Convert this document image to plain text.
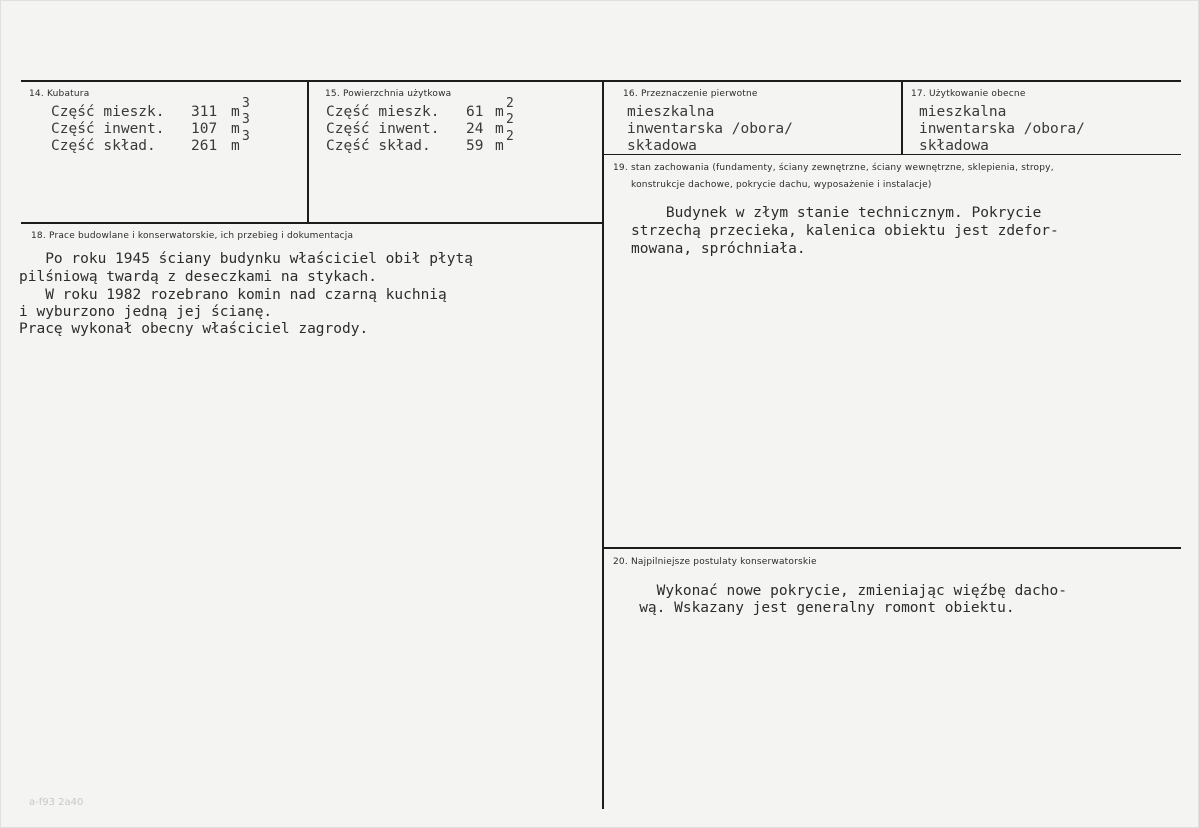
14. Kubatura
Część mieszk. 311 m
3
Część inwent. 107 m
3
Część skład. 261 m
3
15. Powierzchnia użytkowa
Część mieszk. 61 m
2
Część inwent. 24 m
2
Część skład. 59 m
2
16. Przeznaczenie pierwotne
mieszkalna
inwentarska /obora/
składowa
17. Użytkowanie obecne
mieszkalna
inwentarska /obora/
składowa
18. Prace budowlane i konserwatorskie, ich przebieg i dokumentacja
Po roku 1945 ściany budynku właściciel obił płytą
pilśniową twardą z deseczkami na stykach.
W roku 1982 rozebrano komin nad czarną kuchnią
i wyburzono jedną jej ścianę.
Pracę wykonał obecny właściciel zagrody.
19. stan zachowania (fundamenty, ściany zewnętrzne, ściany wewnętrzne, sklepienia, stropy,
konstrukcje dachowe, pokrycie dachu, wyposażenie i instalacje)
Budynek w złym stanie technicznym. Pokrycie
strzechą przecieka, kalenica obiektu jest zdefor-
mowana, spróchniała.
20. Najpilniejsze postulaty konserwatorskie
Wykonać nowe pokrycie, zmieniając więźbę dacho-
wą. Wskazany jest generalny romont obiektu.
a-f93 2a40
